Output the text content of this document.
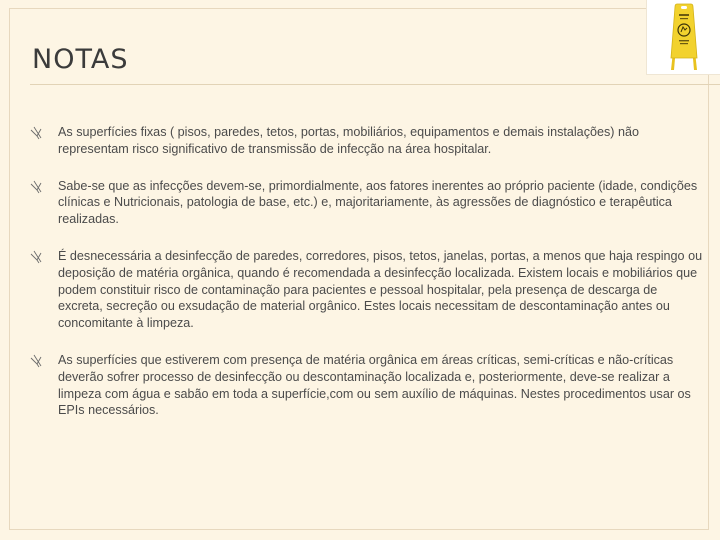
NOTAS
As superfícies fixas ( pisos, paredes, tetos, portas, mobiliários, equipamentos e demais instalações) não representam risco significativo de transmissão de infecção na área hospitalar.
Sabe-se que as infecções devem-se, primordialmente, aos fatores inerentes ao próprio paciente (idade, condições clínicas e Nutricionais, patologia de base, etc.) e, majoritariamente, às agressões de diagnóstico e terapêutica realizadas.
É desnecessária a desinfecção de paredes, corredores, pisos, tetos, janelas, portas, a menos que haja respingo ou deposição de matéria orgânica, quando é recomendada a desinfecção localizada. Existem locais e mobiliários que podem constituir risco de contaminação para pacientes e pessoal hospitalar, pela presença de descarga de excreta, secreção ou exsudação de material orgânico. Estes locais necessitam de descontaminação antes ou concomitante à limpeza.
As superfícies que estiverem com presença de matéria orgânica em áreas críticas, semi-críticas e não-críticas deverão sofrer processo de desinfecção ou descontaminação localizada e, posteriormente, deve-se realizar a limpeza com água e sabão em toda a superfície,com ou sem auxílio de máquinas. Nestes procedimentos usar os EPIs necessários.
